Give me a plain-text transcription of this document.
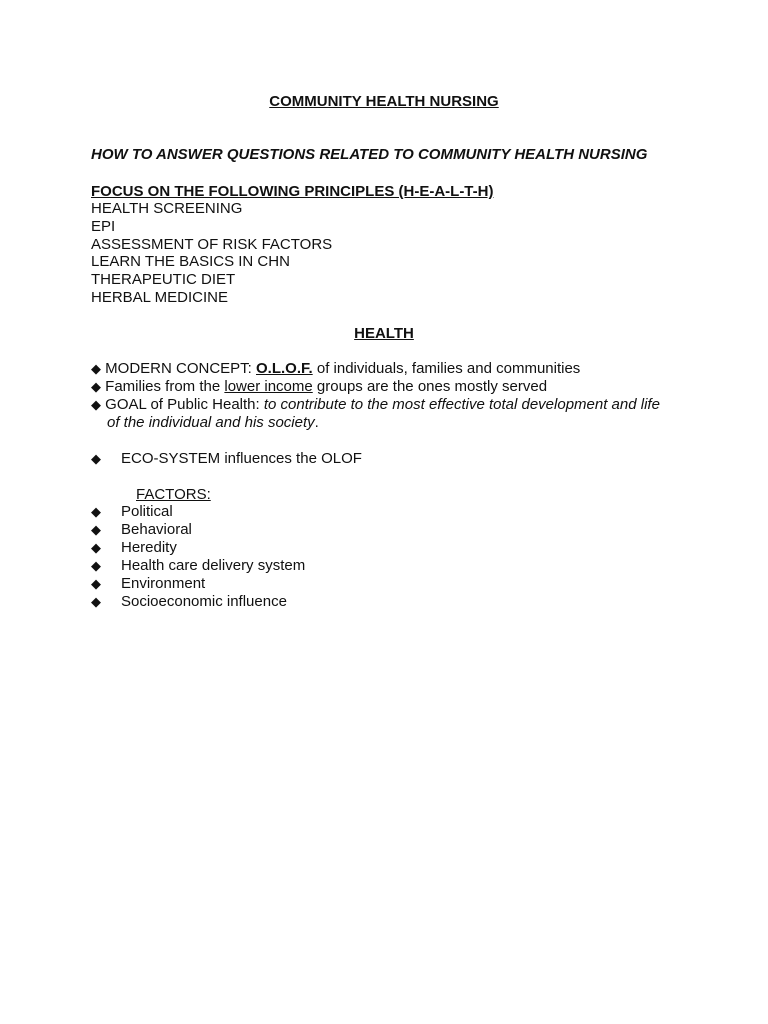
COMMUNITY HEALTH NURSING
HOW TO ANSWER QUESTIONS RELATED TO COMMUNITY HEALTH NURSING
FOCUS ON THE FOLLOWING PRINCIPLES (H-E-A-L-T-H)
HEALTH SCREENING
EPI
ASSESSMENT OF RISK FACTORS
LEARN THE BASICS IN CHN
THERAPEUTIC DIET
HERBAL MEDICINE
HEALTH
◆ MODERN CONCEPT: O.L.O.F. of individuals, families and communities
◆ Families from the lower income groups are the ones mostly served
◆ GOAL of Public Health: to contribute to the most effective total development and life
of the individual and his society.
◆ ECO-SYSTEM influences the OLOF
FACTORS:
◆ Political
◆ Behavioral
◆ Heredity
◆ Health care delivery system
◆ Environment
◆ Socioeconomic influence
